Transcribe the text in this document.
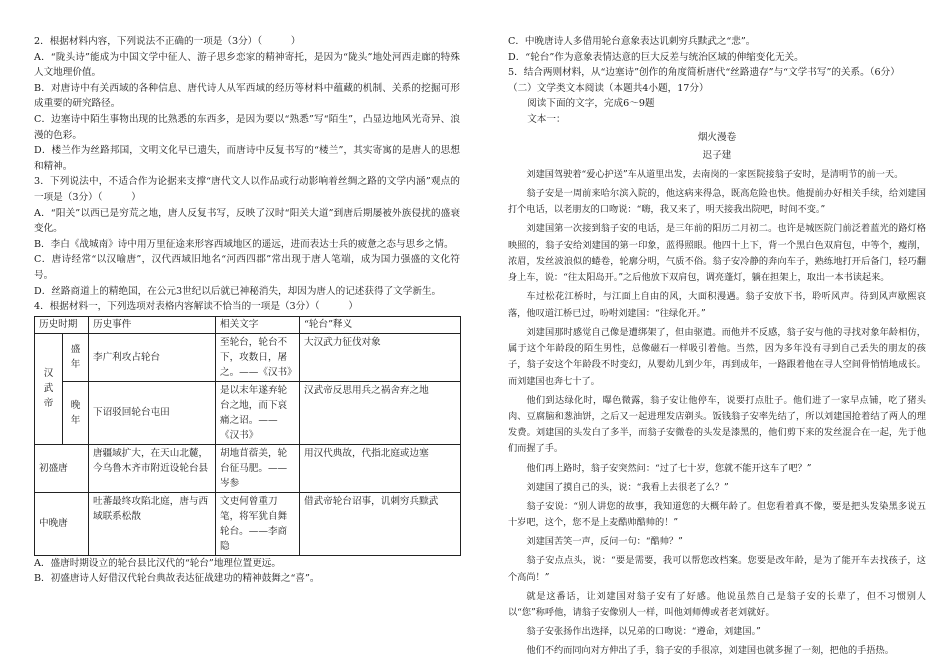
2．根据材料内容，下列说法不正确的一项是（3分）（　　　）

A．“陇头诗”能成为中国文学中征人、游子思乡恋家的精神寄托，是因为“陇头”地处河西走廊的特殊人文地理价值。

B．对唐诗中有关西域的各种信息、唐代诗人从军西域的经历等材料中蕴藏的机制、关系的挖掘可形成重要的研究路径。

C．边塞诗中陌生事物出现的比熟悉的东西多，是因为要以“熟悉”写“陌生”，凸显边地风光奇异、浪漫的色彩。

D．楼兰作为丝路邦国，文明文化早已遗失，而唐诗中反复书写的“楼兰”，其实寄寓的是唐人的思想和精神。

3．下列说法中，不适合作为论据来支撑“唐代文人以作品或行动影响着丝绸之路的文学内涵”观点的一项是（3分）（　　　）

A．“阳关”以西已是穷荒之地，唐人反复书写，反映了汉时“阳关大道”到唐后期屡被外族侵扰的盛衰变化。

B．李白《战城南》诗中用万里征途来形容西域地区的遥远，进而表达士兵的疲惫之态与思乡之情。

C．唐诗经常“以汉喻唐”，汉代西域旧地名“河西四郡”常出现于唐人笔端，成为国力强盛的文化符号。

D．丝路商道上的精绝国，在公元3世纪以后就已神秘消失，却因为唐人的记述获得了文学新生。

4．根据材料一，下列选项对表格内容解读不恰当的一项是（3分）（　　　）

历史时期		历史事件	相关文字	“轮台”释义
汉武帝	盛年	李广利攻占轮台	至轮台，轮台不下，攻数日，屠之。——《汉书》	大汉武力征伐对象
	晚年	下诏驳回轮台屯田	是以末年遂弃轮台之地，而下哀痛之诏。——《汉书》	汉武帝反思用兵之祸舍弃之地
初盛唐		唐疆域扩大，在天山北麓，今乌鲁木齐市附近设轮台县	胡地苜蓿美，轮台征马肥。——岑参	用汉代典故，代指北庭或边塞
中晚唐		吐蕃最终攻陷北庭，唐与西域联系松散	文吏何曾重刀笔，将军犹自舞轮台。——李商隐	借武帝轮台诏事，讥刺穷兵黩武

A．盛唐时期设立的轮台县比汉代的“轮台”地理位置更远。

B．初盛唐诗人好借汉代轮台典故表达征战建功的精神鼓舞之“喜”。

C．中晚唐诗人多借用轮台意象表达讥刺穷兵黩武之“悲”。

D．“轮台”作为意象表情达意的巨大反差与统治区域的伸缩变化无关。

5．结合两则材料，从“边塞诗”创作的角度简析唐代“丝路遗存”与“文学书写”的关系。（6分）

（二）文学类文本阅读（本题共4小题，17分）

阅读下面的文字，完成6～9题

文本一：

烟火漫卷
迟子建

刘建国驾驶着“爱心护送”车从道里出发，去南岗的一家医院接翁子安时，是清明节的前一天。

翁子安是一周前来哈尔滨入院的，他这病来得急，既高危险也快。他提前办好相关手续，给刘建国打个电话，以老朋友的口吻说：“嗨，我又来了，明天接我出院吧，时间不变。”

刘建国第一次接到翁子安的电话，是三年前的阳历二月初二。也许是城医院门前泛着蓝光的路灯格映照的，翁子安给刘建国的第一印象，蓝得照眼。他四十上下，背一个黑白色双肩包，中等个，瘦削，浓眉，发丝波浪似的蜷卷，轮廓分明，气质不俗。翁子安冷静的奔向车子，熟练地打开后备门，轻巧翻身上车，说：“往太阳岛开。”之后他放下双肩包，调亮蓬灯，躺在担架上，取出一本书读起来。

车过松花江桥时，与江面上自由的风，大面积漫遇。翁子安放下书，聆听风声。待到风声歇熙哀落，他叹道江桥已过，吩咐刘建国：“往绿化开。”

刘建国那时感觉自己像是遭绑架了，但由驱遣。而他并不反感，翁子安与他的寻找对象年龄相仿，属于这个年龄段的陌生男性，总像磁石一样吸引着他。当然，因为多年没有寻到自己丢失的朋友的孩子，翁子安这个年龄段不时变幻，从婴幼儿到少年，再到成年，一路跟着他在寻人空间骨悄悄地成长。而刘建国也奔七十了。

他们到达绿化时，曝色微露，翁子安让他停车，说要打点肚子。他们进了一家早点铺，吃了猪头肉、豆腐脑和葱油饼，之后又一起进理发店剃头。饭钱翁子安率先结了，所以刘建国抢着结了两人的理发费。刘建国的头发白了多半，而翁子安微卷的头发是漆黑的，他们剪下来的发丝混合在一起，先于他们而握了手。

他们再上路时，翁子安突然问：“过了七十岁，您就不能开这车了吧？”

刘建国了摸自己的头，说：“我看上去很老了么？”

翁子安说：“别人讲您的故事，我知道您的大概年龄了。但您看着真不像，要是把头发染黑多说五十岁吧，这个，您不是上麦酷帅酷帅的！”

刘建国苦笑一声，反问一句：“酷帅？”

翁子安点点头，说：“要是需要，我可以帮您改档案。您要是改年龄，是为了能开车去找孩子，这个高尚！”

就是这番话，让刘建国对翁子安有了好感。他说虽然自己是翁子安的长辈了，但不习惯别人以“您”称呼他，请翁子安像别人一样，叫他刘师傅或者老刘就好。

翁子安张扬作出选择，以兄弟的口吻说：“遵命，刘建国。”

他们不约而同向对方伸出了手，翁子安的手很凉，刘建国也就多握了一刻，把他的手捂热。
